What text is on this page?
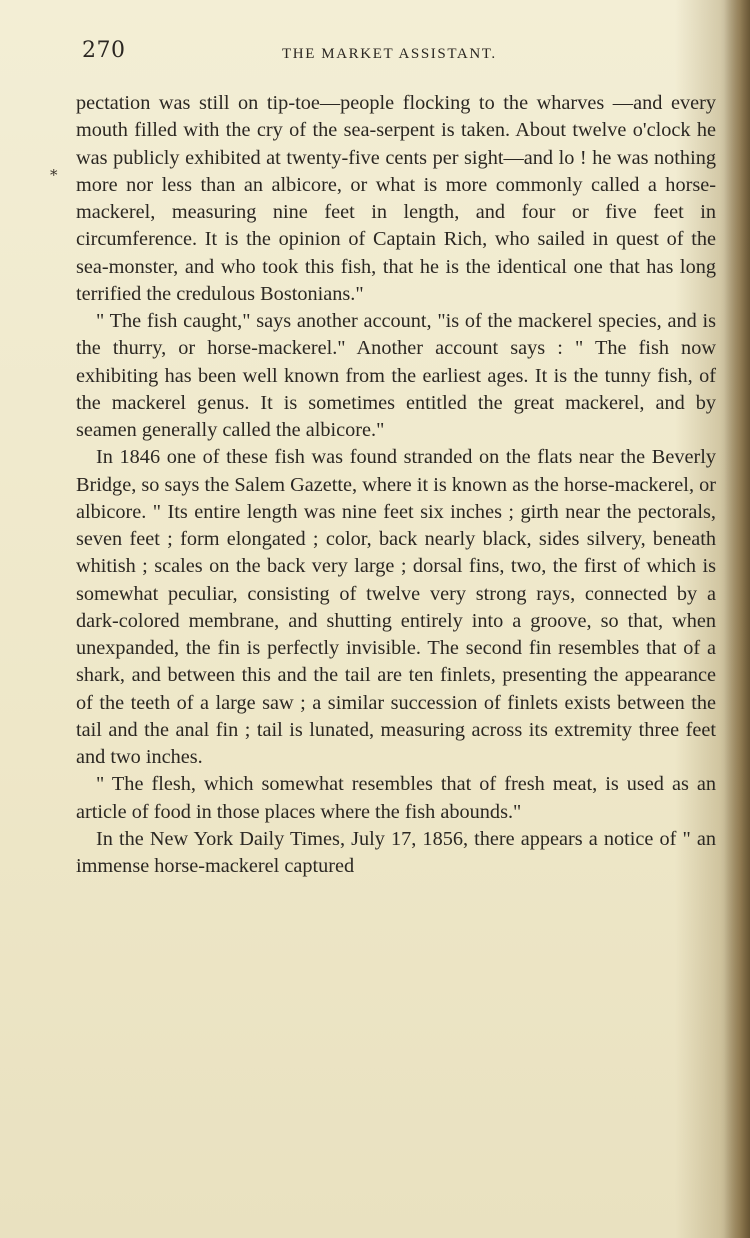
270	THE MARKET ASSISTANT.
*

pectation was still on tip-toe—people flocking to the wharves —and every mouth filled with the cry of the sea-serpent is taken. About twelve o'clock he was publicly exhibited at twenty-five cents per sight—and lo ! he was nothing more nor less than an albicore, or what is more commonly called a horse-mackerel, measuring nine feet in length, and four or five feet in circumference. It is the opinion of Captain Rich, who sailed in quest of the sea-monster, and who took this fish, that he is the identical one that has long terrified the credulous Bostonians."

" The fish caught," says another account, "is of the mackerel species, and is the thurry, or horse-mackerel." Another account says : " The fish now exhibiting has been well known from the earliest ages. It is the tunny fish, of the mackerel genus. It is sometimes entitled the great mackerel, and by seamen generally called the albicore."

In 1846 one of these fish was found stranded on the flats near the Beverly Bridge, so says the Salem Gazette, where it is known as the horse-mackerel, or albicore. " Its entire length was nine feet six inches ; girth near the pectorals, seven feet ; form elongated ; color, back nearly black, sides silvery, beneath whitish ; scales on the back very large ; dorsal fins, two, the first of which is somewhat peculiar, consisting of twelve very strong rays, connected by a dark-colored membrane, and shutting entirely into a groove, so that, when unexpanded, the fin is perfectly invisible. The second fin resembles that of a shark, and between this and the tail are ten finlets, presenting the appearance of the teeth of a large saw ; a similar succession of finlets exists between the tail and the anal fin ; tail is lunated, measuring across its extremity three feet and two inches.

" The flesh, which somewhat resembles that of fresh meat, is used as an article of food in those places where the fish abounds."

In the New York Daily Times, July 17, 1856, there appears a notice of " an immense horse-mackerel captured
